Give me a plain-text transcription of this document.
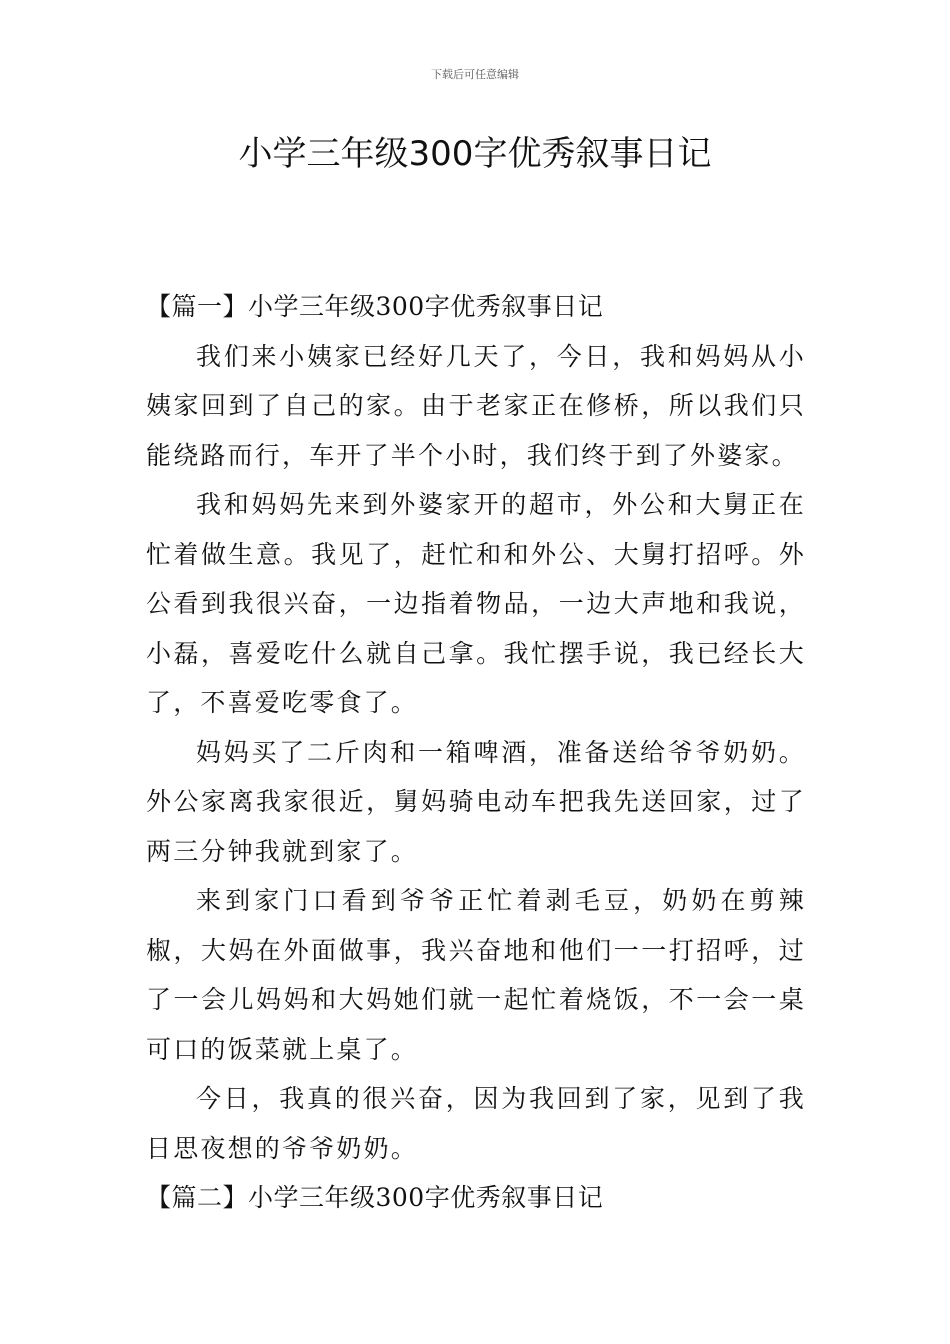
下载后可任意编辑
小学三年级300字优秀叙事日记

【篇一】小学三年级300字优秀叙事日记

我们来小姨家已经好几天了，今日，我和妈妈从小姨家回到了自己的家。由于老家正在修桥，所以我们只能绕路而行，车开了半个小时，我们终于到了外婆家。

我和妈妈先来到外婆家开的超市，外公和大舅正在忙着做生意。我见了，赶忙和和外公、大舅打招呼。外公看到我很兴奋，一边指着物品，一边大声地和我说，小磊，喜爱吃什么就自己拿。我忙摆手说，我已经长大了，不喜爱吃零食了。

妈妈买了二斤肉和一箱啤酒，准备送给爷爷奶奶。外公家离我家很近，舅妈骑电动车把我先送回家，过了两三分钟我就到家了。

来到家门口看到爷爷正忙着剥毛豆，奶奶在剪辣椒，大妈在外面做事，我兴奋地和他们一一打招呼，过了一会儿妈妈和大妈她们就一起忙着烧饭，不一会一桌可口的饭菜就上桌了。

今日，我真的很兴奋，因为我回到了家，见到了我日思夜想的爷爷奶奶。

【篇二】小学三年级300字优秀叙事日记
